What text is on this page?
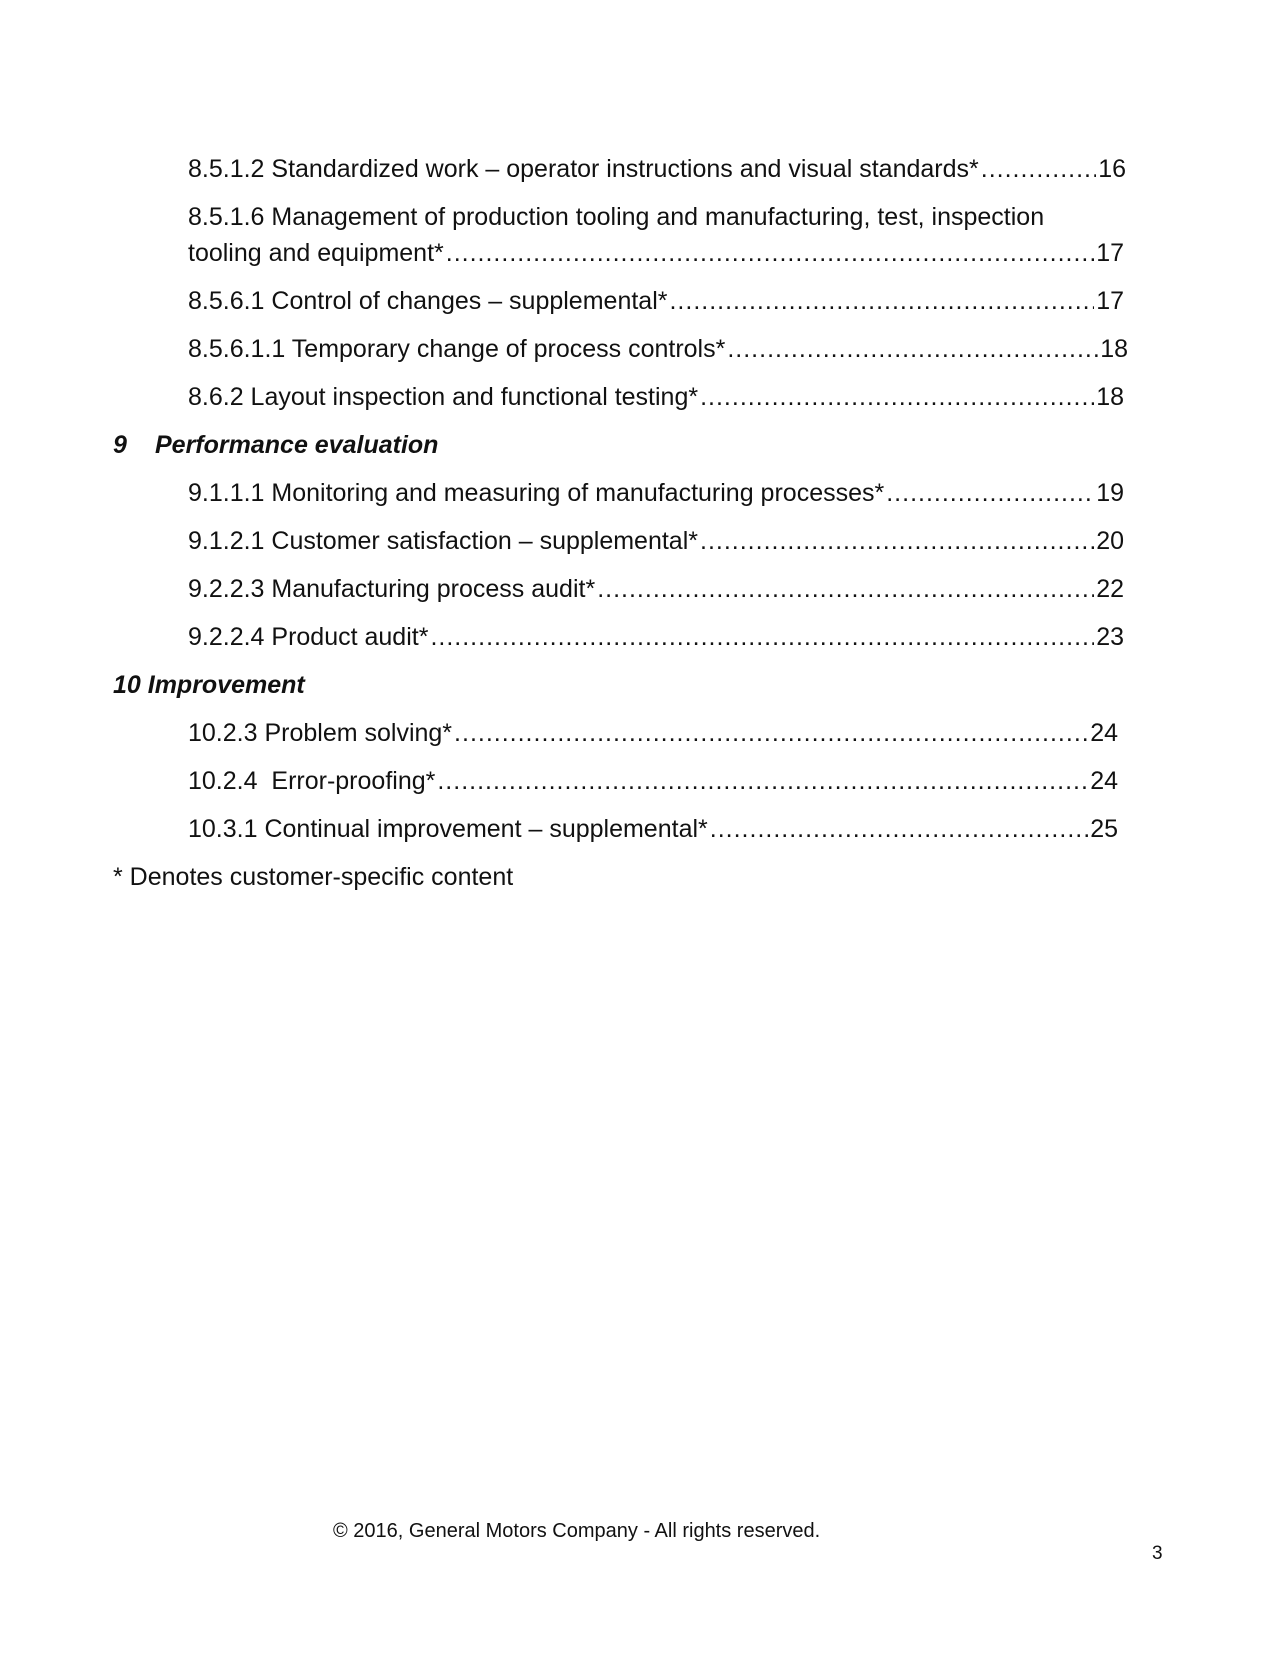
8.5.1.2 Standardized work – operator instructions and visual standards* .....	16
8.5.1.6 Management of production tooling and manufacturing, test, inspection
tooling and equipment* .....	17
8.5.6.1 Control of changes – supplemental* .....	17
8.5.6.1.1 Temporary change of process controls* .....	18
8.6.2 Layout inspection and functional testing* .....	18
9 Performance evaluation
9.1.1.1 Monitoring and measuring of manufacturing processes* .....	19
9.1.2.1 Customer satisfaction – supplemental* .....	20
9.2.2.3 Manufacturing process audit* .....	22
9.2.2.4 Product audit* .....	23
10 Improvement
10.2.3 Problem solving* .....	24
10.2.4  Error-proofing* .....	24
10.3.1 Continual improvement – supplemental* .....	25
* Denotes customer-specific content
© 2016, General Motors Company - All rights reserved.
3
